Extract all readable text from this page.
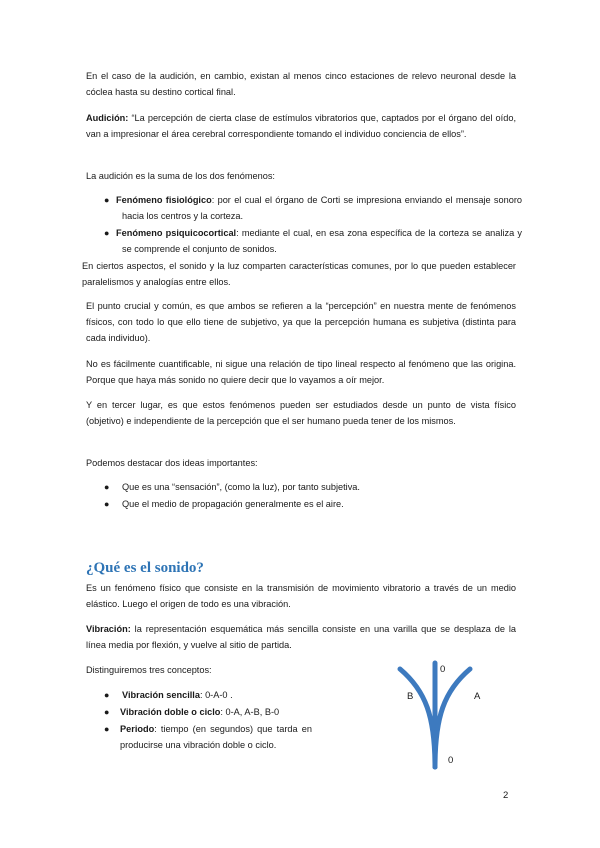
En el caso de la audición, en cambio, existan al menos cinco estaciones de relevo neuronal desde la cóclea hasta su destino cortical final.

Audición: “La percepción de cierta clase de estímulos vibratorios que, captados por el órgano del oído, van a impresionar el área cerebral correspondiente tomando el individuo conciencia de ellos”.

La audición es la suma de los dos fenómenos:

● Fenómeno fisiológico: por el cual el órgano de Corti se impresiona enviando el mensaje sonoro hacia los centros y la corteza.

● Fenómeno psiquicocortical: mediante el cual, en esa zona específica de la corteza se analiza y se comprende el conjunto de sonidos.

En ciertos aspectos, el sonido y la luz comparten características comunes, por lo que pueden establecer paralelismos y analogías entre ellos.

El punto crucial y común, es que ambos se refieren a la “percepción” en nuestra mente de fenómenos físicos, con todo lo que ello tiene de subjetivo, ya que la percepción humana es subjetiva (distinta para cada individuo).

No es fácilmente cuantificable, ni sigue una relación de tipo lineal respecto al fenómeno que las origina. Porque que haya más sonido no quiere decir que lo vayamos a oír mejor.

Y en tercer lugar, es que estos fenómenos pueden ser estudiados desde un punto de vista físico (objetivo) e independiente de la percepción que el ser humano pueda tener de los mismos.

Podemos destacar dos ideas importantes:

● Que es una “sensación”, (como la luz), por tanto subjetiva.

● Que el medio de propagación generalmente es el aire.

¿Qué es el sonido?

Es un fenómeno físico que consiste en la transmisión de movimiento vibratorio a través de un medio elástico. Luego el origen de todo es una vibración.

Vibración: la representación esquemática más sencilla consiste en una varilla que se desplaza de la línea media por flexión, y vuelve al sitio de partida.

Distinguiremos tres conceptos:

● Vibración sencilla: 0-A-0 .

● Vibración doble o ciclo: 0-A, A-B, B-0

● Periodo: tiempo (en segundos) que tarda en producirse una vibración doble o ciclo.

0
B	A
0
2
